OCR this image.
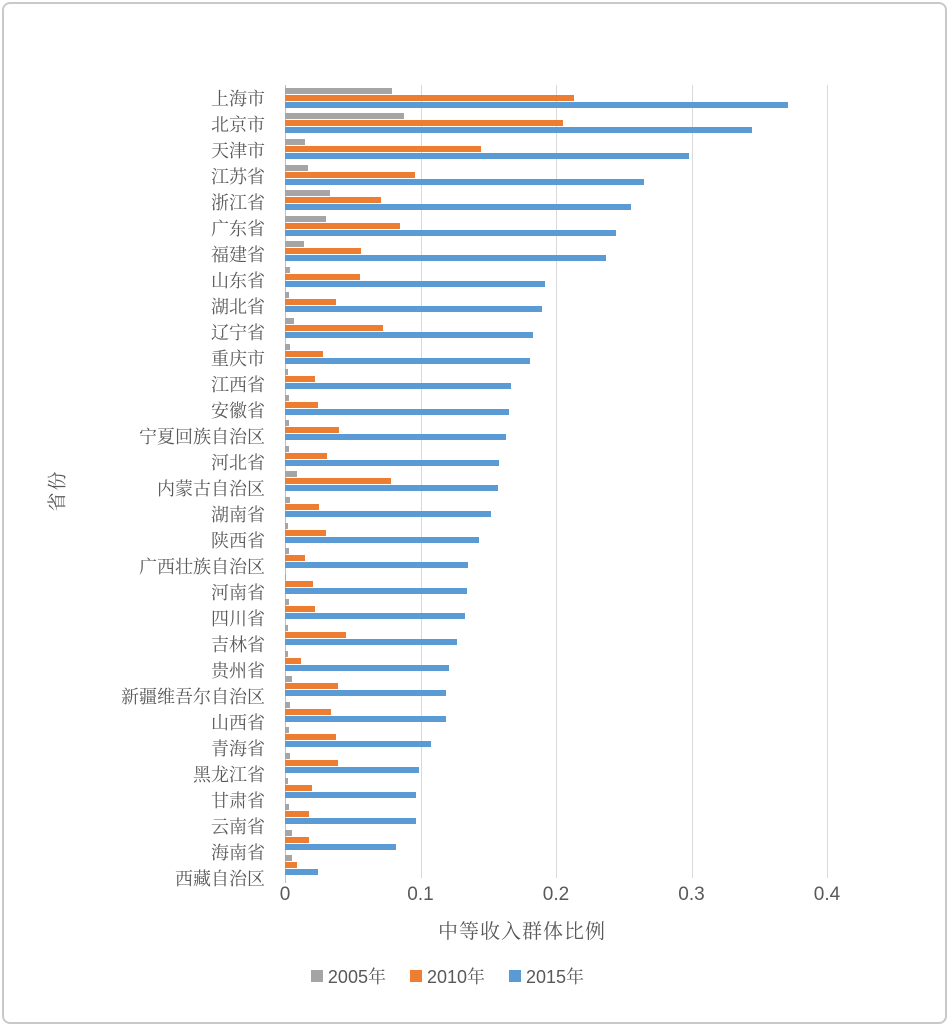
省份
上海市
北京市
天津市
江苏省
浙江省
广东省
福建省
山东省
湖北省
辽宁省
重庆市
江西省
安徽省
宁夏回族自治区
河北省
内蒙古自治区
湖南省
陕西省
广西壮族自治区
河南省
四川省
吉林省
贵州省
新疆维吾尔自治区
山西省
青海省
黑龙江省
甘肃省
云南省
海南省
西藏自治区
0	0.1	0.2	0.3	0.4
中等收入群体比例
2005年 2010年 2015年
